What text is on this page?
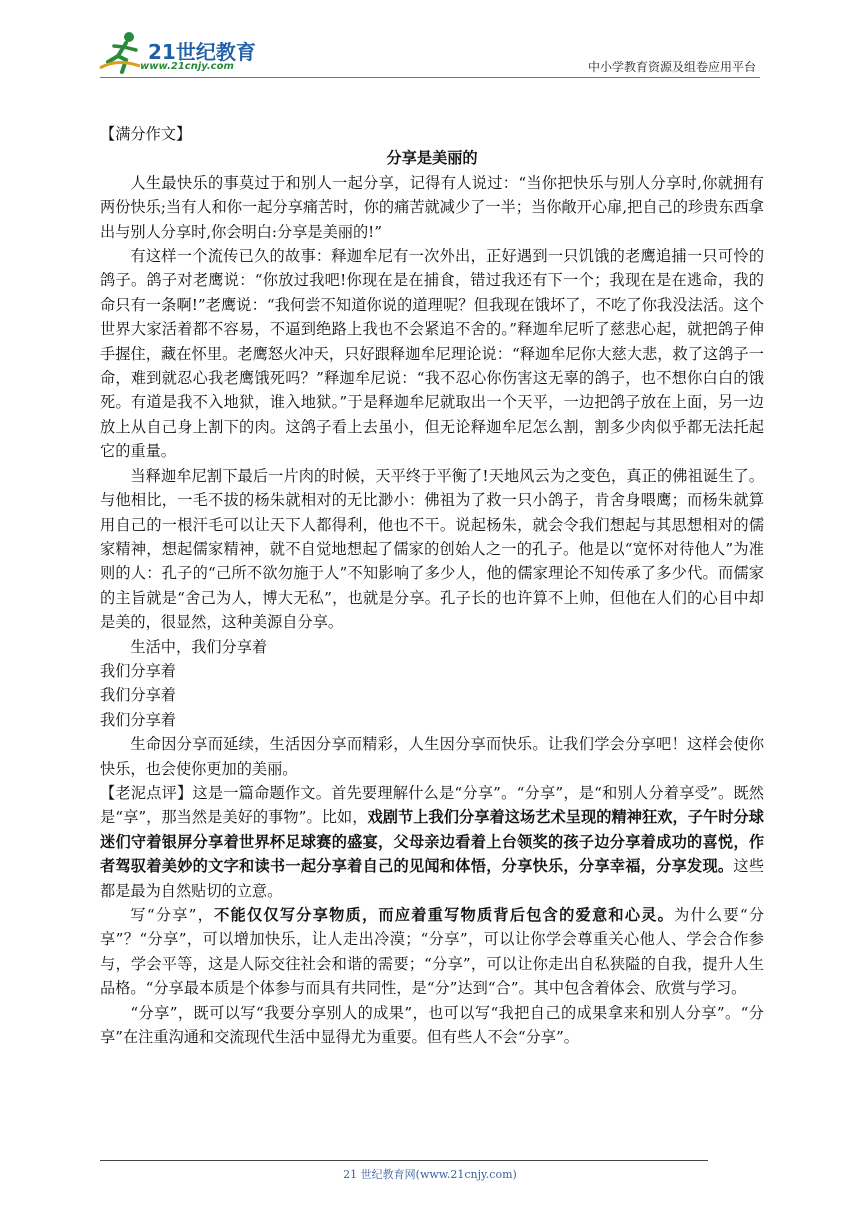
21世纪教育
www.21cnjy.com	中小学教育资源及组卷应用平台

【满分作文】

分享是美丽的

人生最快乐的事莫过于和别人一起分享，记得有人说过：“当你把快乐与别人分享时,你就拥有两份快乐;当有人和你一起分享痛苦时，你的痛苦就减少了一半；当你敞开心扉,把自己的珍贵东西拿出与别人分享时,你会明白:分享是美丽的!”

有这样一个流传已久的故事：释迦牟尼有一次外出，正好遇到一只饥饿的老鹰追捕一只可怜的鸽子。鸽子对老鹰说：“你放过我吧!你现在是在捕食，错过我还有下一个；我现在是在逃命，我的命只有一条啊!”老鹰说：“我何尝不知道你说的道理呢？但我现在饿坏了，不吃了你我没法活。这个世界大家活着都不容易，不逼到绝路上我也不会紧追不舍的。”释迦牟尼听了慈悲心起，就把鸽子伸手握住，藏在怀里。老鹰怒火冲天，只好跟释迦牟尼理论说：“释迦牟尼你大慈大悲，救了这鸽子一命，难到就忍心我老鹰饿死吗？”释迦牟尼说：“我不忍心你伤害这无辜的鸽子，也不想你白白的饿死。有道是我不入地狱，谁入地狱。”于是释迦牟尼就取出一个天平，一边把鸽子放在上面，另一边放上从自己身上割下的肉。这鸽子看上去虽小，但无论释迦牟尼怎么割，割多少肉似乎都无法托起它的重量。

当释迦牟尼割下最后一片肉的时候，天平终于平衡了!天地风云为之变色，真正的佛祖诞生了。与他相比，一毛不拔的杨朱就相对的无比渺小：佛祖为了救一只小鸽子，肯舍身喂鹰；而杨朱就算用自己的一根汗毛可以让天下人都得利，他也不干。说起杨朱，就会令我们想起与其思想相对的儒家精神，想起儒家精神，就不自觉地想起了儒家的创始人之一的孔子。他是以“宽怀对待他人”为准则的人：孔子的“己所不欲勿施于人”不知影响了多少人，他的儒家理论不知传承了多少代。而儒家的主旨就是“舍己为人，博大无私”，也就是分享。孔子长的也许算不上帅，但他在人们的心目中却是美的，很显然，这种美源自分享。

生活中，我们分享着

我们分享着

我们分享着

我们分享着

生命因分享而延续，生活因分享而精彩，人生因分享而快乐。让我们学会分享吧！这样会使你快乐，也会使你更加的美丽。

【老泥点评】这是一篇命题作文。首先要理解什么是“分享”。“分享”，是“和别人分着享受”。既然是“享”，那当然是美好的事物”。比如，戏剧节上我们分享着这场艺术呈现的精神狂欢，子午时分球迷们守着银屏分享着世界杯足球赛的盛宴，父母亲边看着上台领奖的孩子边分享着成功的喜悦，作者驾驭着美妙的文字和读书一起分享着自己的见闻和体悟，分享快乐，分享幸福，分享发现。这些都是最为自然贴切的立意。

写“分享”，不能仅仅写分享物质，而应着重写物质背后包含的爱意和心灵。为什么要“分享”？“分享”，可以增加快乐，让人走出冷漠；“分享”，可以让你学会尊重关心他人、学会合作参与，学会平等，这是人际交往社会和谐的需要；“分享”，可以让你走出自私狭隘的自我，提升人生品格。“分享最本质是个体参与而具有共同性，是“分”达到“合”。其中包含着体会、欣赏与学习。

“分享”，既可以写“我要分享别人的成果”，也可以写“我把自己的成果拿来和别人分享”。“分享”在注重沟通和交流现代生活中显得尤为重要。但有些人不会“分享”。

21 世纪教育网(www.21cnjy.com)
